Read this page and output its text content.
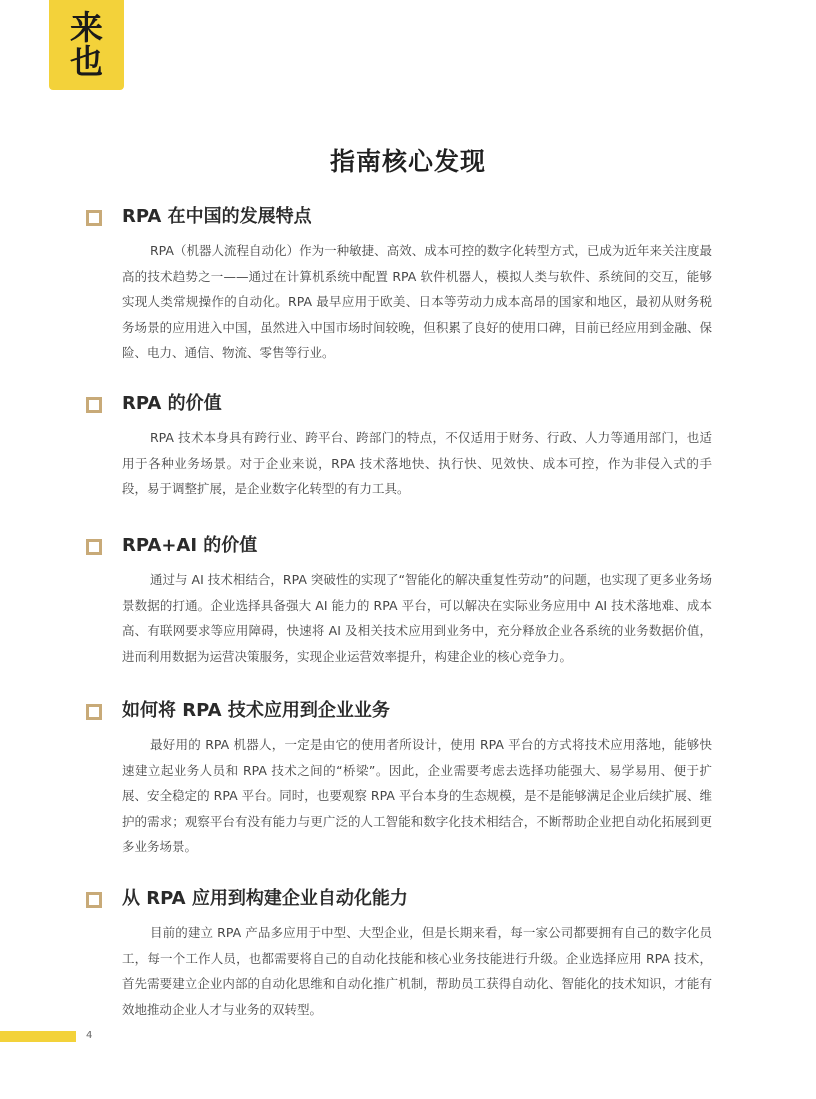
来
也
指南核心发现
RPA 在中国的发展特点

RPA（机器人流程自动化）作为一种敏捷、高效、成本可控的数字化转型方式，已成为近年来关注度最高的技术趋势之一——通过在计算机系统中配置 RPA 软件机器人，模拟人类与软件、系统间的交互，能够实现人类常规操作的自动化。RPA 最早应用于欧美、日本等劳动力成本高昂的国家和地区，最初从财务税务场景的应用进入中国，虽然进入中国市场时间较晚，但积累了良好的使用口碑，目前已经应用到金融、保险、电力、通信、物流、零售等行业。

RPA 的价值

RPA 技术本身具有跨行业、跨平台、跨部门的特点，不仅适用于财务、行政、人力等通用部门，也适用于各种业务场景。对于企业来说，RPA 技术落地快、执行快、见效快、成本可控，作为非侵入式的手段，易于调整扩展，是企业数字化转型的有力工具。

RPA+AI 的价值

通过与 AI 技术相结合，RPA 突破性的实现了“智能化的解决重复性劳动”的问题，也实现了更多业务场景数据的打通。企业选择具备强大 AI 能力的 RPA 平台，可以解决在实际业务应用中 AI 技术落地难、成本高、有联网要求等应用障碍，快速将 AI 及相关技术应用到业务中，充分释放企业各系统的业务数据价值，进而利用数据为运营决策服务，实现企业运营效率提升，构建企业的核心竞争力。

如何将 RPA 技术应用到企业业务

最好用的 RPA 机器人，一定是由它的使用者所设计，使用 RPA 平台的方式将技术应用落地，能够快速建立起业务人员和 RPA 技术之间的“桥梁”。因此，企业需要考虑去选择功能强大、易学易用、便于扩展、安全稳定的 RPA 平台。同时，也要观察 RPA 平台本身的生态规模，是不是能够满足企业后续扩展、维护的需求；观察平台有没有能力与更广泛的人工智能和数字化技术相结合，不断帮助企业把自动化拓展到更多业务场景。

从 RPA 应用到构建企业自动化能力

目前的建立 RPA 产品多应用于中型、大型企业，但是长期来看，每一家公司都要拥有自己的数字化员工，每一个工作人员，也都需要将自己的自动化技能和核心业务技能进行升级。企业选择应用 RPA 技术，首先需要建立企业内部的自动化思维和自动化推广机制，帮助员工获得自动化、智能化的技术知识，才能有效地推动企业人才与业务的双转型。

4
